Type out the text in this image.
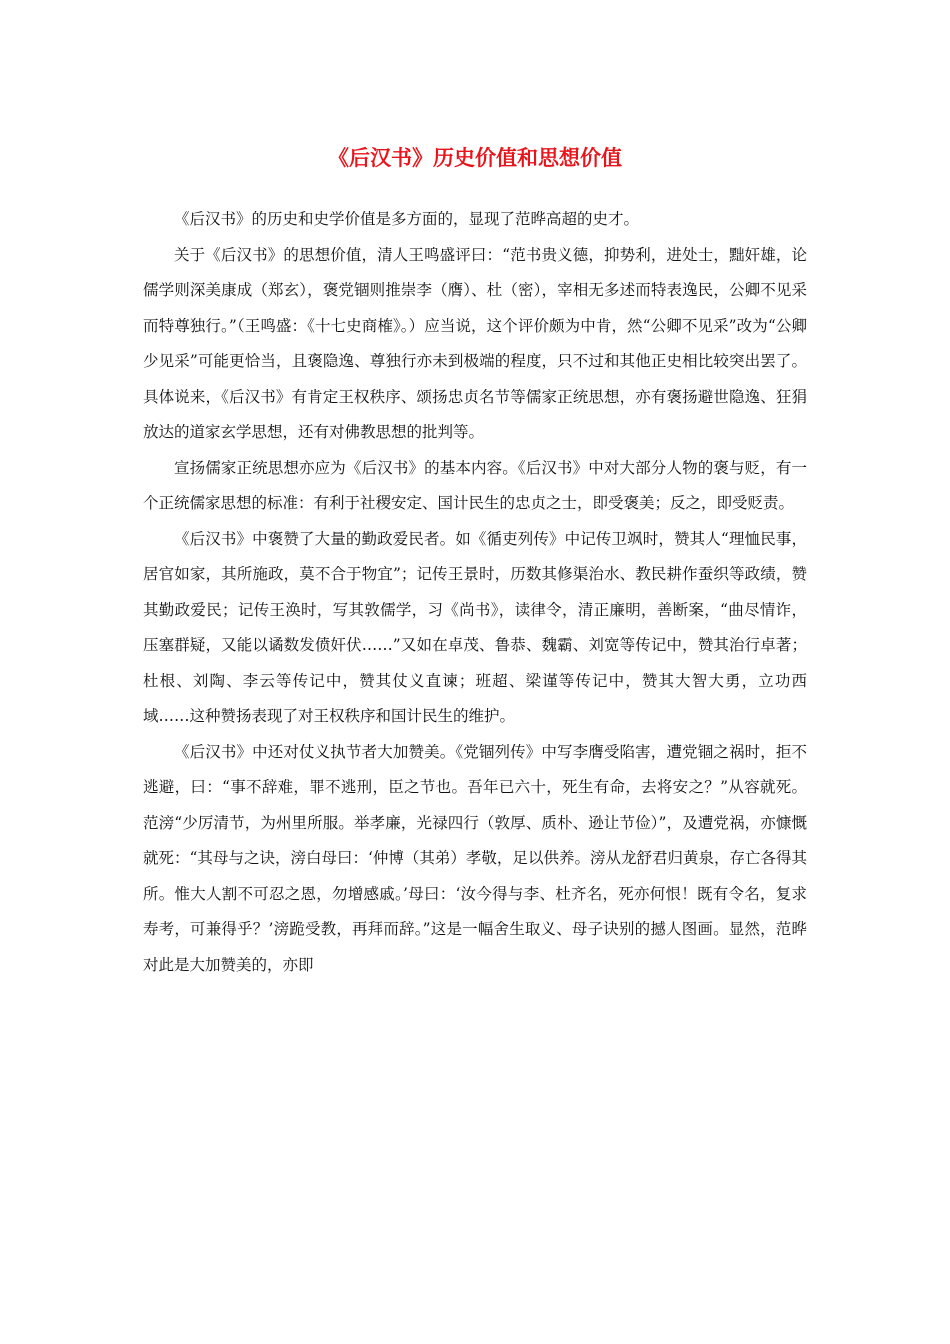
《后汉书》历史价值和思想价值

《后汉书》的历史和史学价值是多方面的，显现了范晔高超的史才。

关于《后汉书》的思想价值，清人王鸣盛评曰：“范书贵义德，抑势利，进处士，黜奸雄，论儒学则深美康成（郑玄），褒党锢则推崇李（膺）、杜（密），宰相无多述而特表逸民，公卿不见采而特尊独行。”（王鸣盛：《十七史商榷》。）应当说，这个评价颇为中肯，然“公卿不见采”改为“公卿少见采”可能更恰当，且褒隐逸、尊独行亦未到极端的程度，只不过和其他正史相比较突出罢了。具体说来，《后汉书》有肯定王权秩序、颂扬忠贞名节等儒家正统思想，亦有褒扬避世隐逸、狂狷放达的道家玄学思想，还有对佛教思想的批判等。

宣扬儒家正统思想亦应为《后汉书》的基本内容。《后汉书》中对大部分人物的褒与贬，有一个正统儒家思想的标准：有利于社稷安定、国计民生的忠贞之士，即受褒美；反之，即受贬责。

《后汉书》中褒赞了大量的勤政爱民者。如《循吏列传》中记传卫飒时，赞其人“理恤民事，居官如家，其所施政，莫不合于物宜”；记传王景时，历数其修渠治水、教民耕作蚕织等政绩，赞其勤政爱民；记传王涣时，写其敦儒学，习《尚书》，读律令，清正廉明，善断案，“曲尽情诈，压塞群疑，又能以谲数发偾奸伏……”又如在卓茂、鲁恭、魏霸、刘宽等传记中，赞其治行卓著；杜根、刘陶、李云等传记中，赞其仗义直谏；班超、梁谨等传记中，赞其大智大勇，立功西域……这种赞扬表现了对王权秩序和国计民生的维护。

《后汉书》中还对仗义执节者大加赞美。《党锢列传》中写李膺受陷害，遭党锢之祸时，拒不逃避，曰：“事不辞难，罪不逃刑，臣之节也。吾年已六十，死生有命，去将安之？”从容就死。范滂“少厉清节，为州里所服。举孝廉，光禄四行（敦厚、质朴、逊让节俭）”，及遭党祸，亦慷慨就死：“其母与之诀，滂白母曰：‘仲博（其弟）孝敬，足以供养。滂从龙舒君归黄泉，存亡各得其所。惟大人割不可忍之恩，勿增感戚。’母曰：‘汝今得与李、杜齐名，死亦何恨！既有令名，复求寿考，可兼得乎？’滂跪受教，再拜而辞。”这是一幅舍生取义、母子诀别的撼人图画。显然，范晔对此是大加赞美的，亦即
